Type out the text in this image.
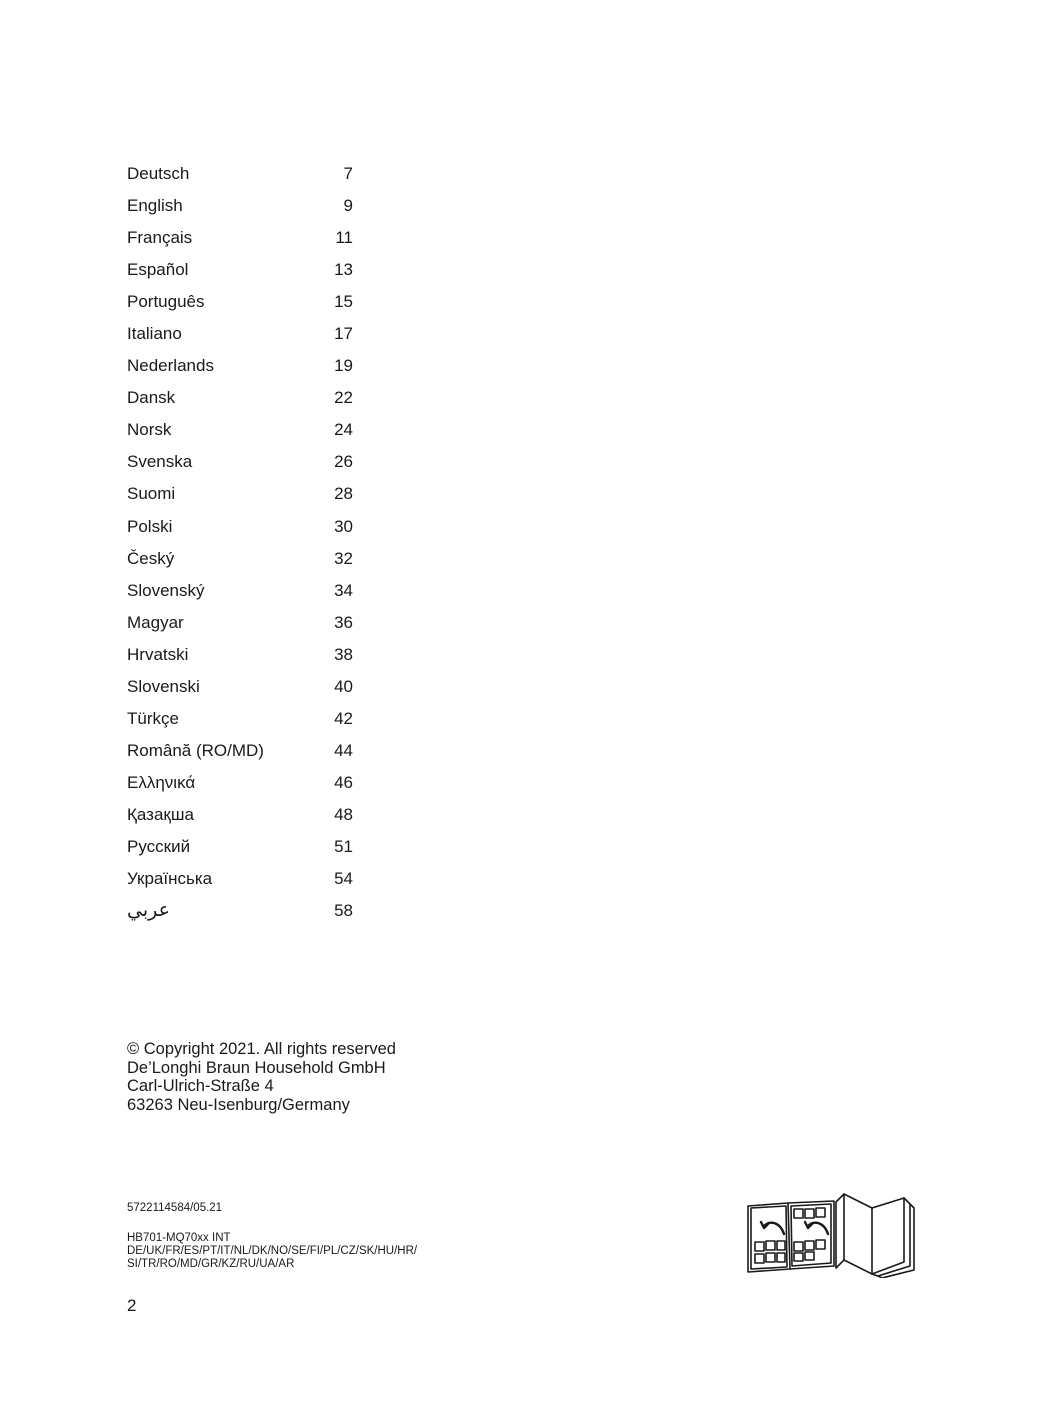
Deutsch	7
English	9
Français	11
Español	13
Português	15
Italiano	17
Nederlands	19
Dansk	22
Norsk	24
Svenska	26
Suomi	28
Polski	30
Český	32
Slovenský	34
Magyar	36
Hrvatski	38
Slovenski	40
Türkçe	42
Română (RO/MD)	44
Ελληνικά	46
Қазақша	48
Русский	51
Українська	54
عربي	58
© Copyright 2021. All rights reserved
De’Longhi Braun Household GmbH
Carl-Ulrich-Straße 4
63263 Neu-Isenburg/Germany
5722114584/05.21
HB701-MQ70xx INT
DE/UK/FR/ES/PT/IT/NL/DK/NO/SE/FI/PL/CZ/SK/HU/HR/
SI/TR/RO/MD/GR/KZ/RU/UA/AR
2
